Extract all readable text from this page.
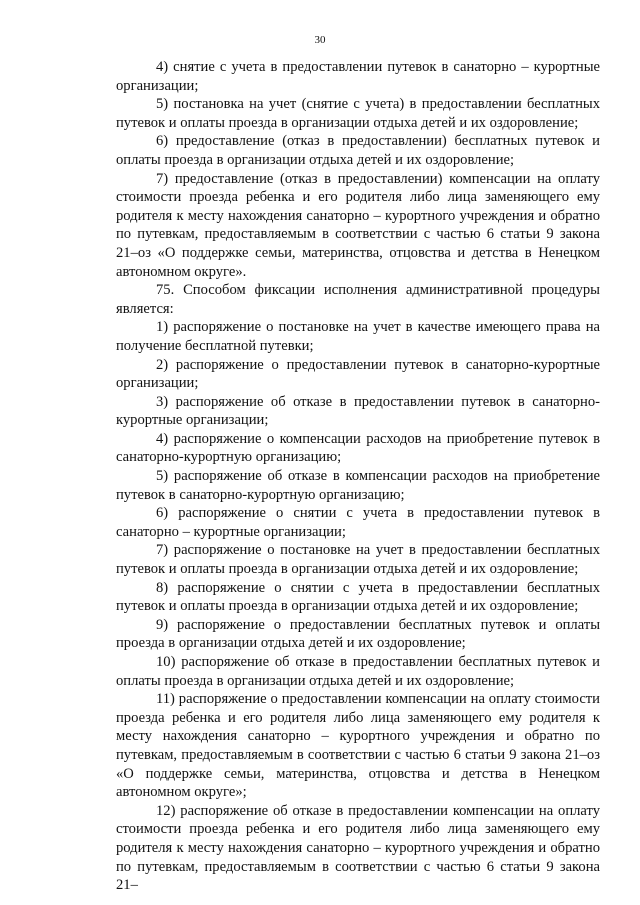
30

4) снятие с учета в предоставлении путевок в санаторно – курортные организации;

5) постановка на учет (снятие с учета) в предоставлении бесплатных путевок и оплаты проезда в организации отдыха детей и их оздоровление;

6) предоставление (отказ в предоставлении) бесплатных путевок и оплаты проезда в организации отдыха детей и их оздоровление;

7) предоставление (отказ в предоставлении) компенсации на оплату стоимости проезда ребенка и его родителя либо лица заменяющего ему родителя к месту нахождения санаторно – курортного учреждения и обратно по путевкам, предоставляемым в соответствии с частью 6 статьи 9 закона 21–оз «О поддержке семьи, материнства, отцовства и детства в Ненецком автономном округе».

75. Способом фиксации исполнения административной процедуры является:

1) распоряжение о постановке на учет в качестве имеющего права на получение бесплатной путевки;

2) распоряжение о предоставлении путевок в санаторно-курортные организации;

3) распоряжение об отказе в предоставлении путевок в санаторно-курортные организации;

4) распоряжение о компенсации расходов на приобретение путевок в санаторно-курортную организацию;

5) распоряжение об отказе в компенсации расходов на приобретение путевок в санаторно-курортную организацию;

6) распоряжение о снятии с учета в предоставлении путевок в санаторно – курортные организации;

7) распоряжение о постановке на учет в предоставлении бесплатных путевок и оплаты проезда в организации отдыха детей и их оздоровление;

8) распоряжение о снятии с учета в предоставлении бесплатных путевок и оплаты проезда в организации отдыха детей и их оздоровление;

9) распоряжение о предоставлении бесплатных путевок и оплаты проезда в организации отдыха детей и их оздоровление;

10) распоряжение об отказе в предоставлении бесплатных путевок и оплаты проезда в организации отдыха детей и их оздоровление;

11) распоряжение о предоставлении компенсации на оплату стоимости проезда ребенка и его родителя либо лица заменяющего ему родителя к месту нахождения санаторно – курортного учреждения и обратно по путевкам, предоставляемым в соответствии с частью 6 статьи 9 закона 21–оз «О поддержке семьи, материнства, отцовства и детства в Ненецком автономном округе»;

12) распоряжение об отказе в предоставлении компенсации на оплату стоимости проезда ребенка и его родителя либо лица заменяющего ему родителя к месту нахождения санаторно – курортного учреждения и обратно по путевкам, предоставляемым в соответствии с частью 6 статьи 9 закона 21–
